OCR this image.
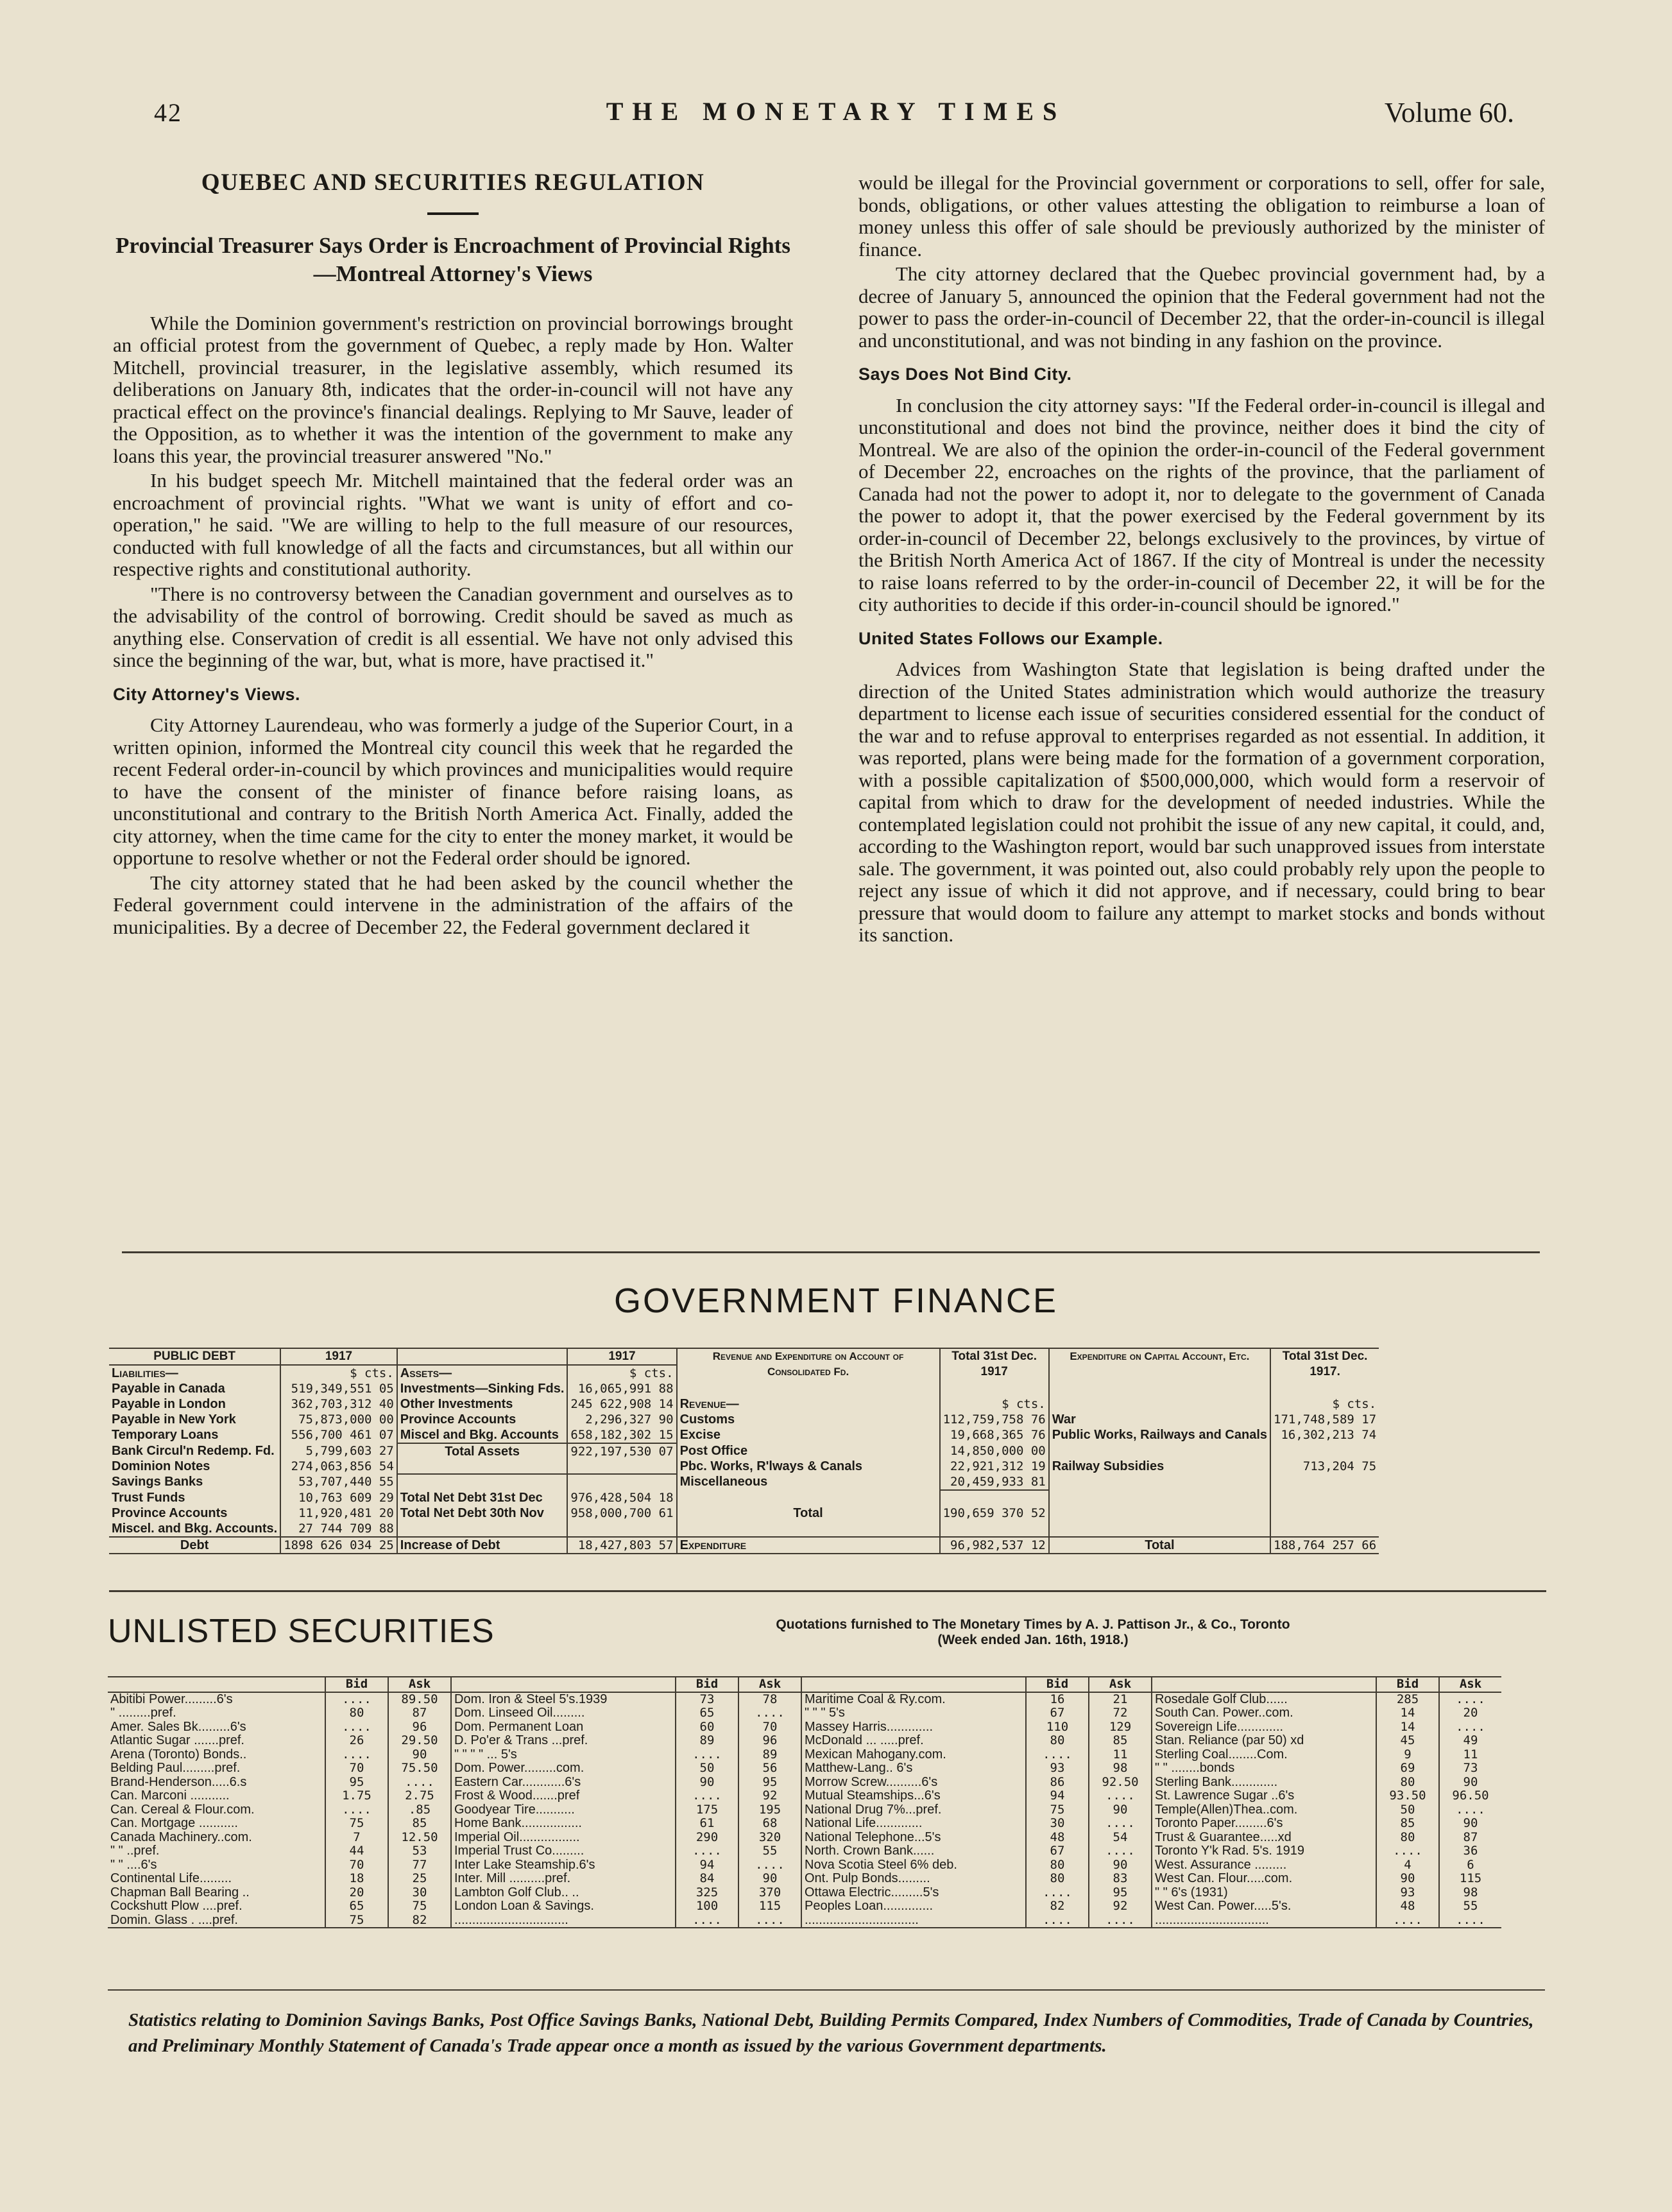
42	THE MONETARY TIMES	Volume 60.
QUEBEC AND SECURITIES REGULATION
Provincial Treasurer Says Order is Encroachment of Provincial Rights—Montreal Attorney's Views

While the Dominion government's restriction on provincial borrowings brought an official protest from the government of Quebec, a reply made by Hon. Walter Mitchell, provincial treasurer, in the legislative assembly, which resumed its deliberations on January 8th, indicates that the order-in-council will not have any practical effect on the province's financial dealings. Replying to Mr Sauve, leader of the Opposition, as to whether it was the intention of the government to make any loans this year, the provincial treasurer answered "No."

In his budget speech Mr. Mitchell maintained that the federal order was an encroachment of provincial rights. "What we want is unity of effort and co-operation," he said. "We are willing to help to the full measure of our resources, conducted with full knowledge of all the facts and circumstances, but all within our respective rights and constitutional authority.

"There is no controversy between the Canadian government and ourselves as to the advisability of the control of borrowing. Credit should be saved as much as anything else. Conservation of credit is all essential. We have not only advised this since the beginning of the war, but, what is more, have practised it."

City Attorney's Views.

City Attorney Laurendeau, who was formerly a judge of the Superior Court, in a written opinion, informed the Montreal city council this week that he regarded the recent Federal order-in-council by which provinces and municipalities would require to have the consent of the minister of finance before raising loans, as unconstitutional and contrary to the British North America Act. Finally, added the city attorney, when the time came for the city to enter the money market, it would be opportune to resolve whether or not the Federal order should be ignored.

The city attorney stated that he had been asked by the council whether the Federal government could intervene in the administration of the affairs of the municipalities. By a decree of December 22, the Federal government declared it

would be illegal for the Provincial government or corporations to sell, offer for sale, bonds, obligations, or other values attesting the obligation to reimburse a loan of money unless this offer of sale should be previously authorized by the minister of finance.

The city attorney declared that the Quebec provincial government had, by a decree of January 5, announced the opinion that the Federal government had not the power to pass the order-in-council of December 22, that the order-in-council is illegal and unconstitutional, and was not binding in any fashion on the province.

Says Does Not Bind City.

In conclusion the city attorney says: "If the Federal order-in-council is illegal and unconstitutional and does not bind the province, neither does it bind the city of Montreal. We are also of the opinion the order-in-council of the Federal government of December 22, encroaches on the rights of the province, that the parliament of Canada had not the power to adopt it, nor to delegate to the government of Canada the power to adopt it, that the power exercised by the Federal government by its order-in-council of December 22, belongs exclusively to the provinces, by virtue of the British North America Act of 1867. If the city of Montreal is under the necessity to raise loans referred to by the order-in-council of December 22, it will be for the city authorities to decide if this order-in-council should be ignored."

United States Follows our Example.

Advices from Washington State that legislation is being drafted under the direction of the United States administration which would authorize the treasury department to license each issue of securities considered essential for the conduct of the war and to refuse approval to enterprises regarded as not essential. In addition, it was reported, plans were being made for the formation of a government corporation, with a possible capitalization of $500,000,000, which would form a reservoir of capital from which to draw for the development of needed industries. While the contemplated legislation could not prohibit the issue of any new capital, it could, and, according to the Washington report, would bar such unapproved issues from interstate sale. The government, it was pointed out, also could probably rely upon the people to reject any issue of which it did not approve, and if necessary, could bring to bear pressure that would doom to failure any attempt to market stocks and bonds without its sanction.

GOVERNMENT FINANCE
PUBLIC DEBT	1917		1917	Revenue and Expenditure on Account of Consolidated Fd.	Total 31st Dec. 1917	Expenditure on Capital Account, Etc.	Total 31st Dec. 1917.
Liabilities—	$ cts.	Assets—	$ cts.				
Payable in Canada	519,349,551 05	Investments—Sinking Fds.	16,065,991 88				
Payable in London	362,703,312 40	Other Investments	245 622,908 14	Revenue—	$ cts.		$ cts.
Payable in New York	75,873,000 00	Province Accounts	2,296,327 90	Customs	112,759,758 76	War	171,748,589 17
Temporary Loans	556,700 461 07	Miscel and Bkg. Accounts	658,182,302 15	Excise	19,668,365 76	Public Works, Railways and Canals	16,302,213 74
Bank Circul'n Redemp. Fd.	5,799,603 27	Total Assets	922,197,530 07	Post Office	14,850,000 00		
Dominion Notes	274,063,856 54			Pbc. Works, R'lways & Canals	22,921,312 19	Railway Subsidies	713,204 75
Savings Banks	53,707,440 55			Miscellaneous	20,459,933 81		
Trust Funds	10,763 609 29	Total Net Debt 31st Dec	976,428,504 18				
Province Accounts	11,920,481 20	Total Net Debt 30th Nov	958,000,700 61	Total	190,659 370 52		
Miscel. and Bkg. Accounts.	27 744 709 88						
Debt	1898 626 034 25	Increase of Debt	18,427,803 57	Expenditure	96,982,537 12	Total	188,764 257 66
UNLISTED SECURITIES	Quotations furnished to The Monetary Times by A. J. Pattison Jr., & Co., Toronto
(Week ended Jan. 16th, 1918.)
	Bid	Ask		Bid	Ask		Bid	Ask		Bid	Ask
Abitibi Power.........6's	....	89.50	Dom. Iron & Steel 5's.1939	73	78	Maritime Coal & Ry.com.	16	21	Rosedale Golf Club......	285	....
" .........pref.	80	87	Dom. Linseed Oil.........	65	....	" " " 5's	67	72	South Can. Power..com.	14	20
Amer. Sales Bk.........6's	....	96	Dom. Permanent Loan	60	70	Massey Harris.............	110	129	Sovereign Life.............	14	....
Atlantic Sugar .......pref.	26	29.50	D. Po'er & Trans ...pref.	89	96	McDonald ... .....pref.	80	85	Stan. Reliance (par 50) xd	45	49
Arena (Toronto) Bonds..	....	90	" " " " ... 5's	....	89	Mexican Mahogany.com.	....	11	Sterling Coal........Com.	9	11
Belding Paul.........pref.	70	75.50	Dom. Power.........com.	50	56	Matthew-Lang.. 6's	93	98	" " ........bonds	69	73
Brand-Henderson.....6.s	95	....	Eastern Car............6's	90	95	Morrow Screw..........6's	86	92.50	Sterling Bank.............	80	90
Can. Marconi ...........	1.75	2.75	Frost & Wood.......pref	....	92	Mutual Steamships...6's	94	....	St. Lawrence Sugar ..6's	93.50	96.50
Can. Cereal & Flour.com.	....	.85	Goodyear Tire...........	175	195	National Drug 7%...pref.	75	90	Temple(Allen)Thea..com.	50	....
Can. Mortgage ...........	75	85	Home Bank.................	61	68	National Life.............	30	....	Toronto Paper.........6's	85	90
Canada Machinery..com.	7	12.50	Imperial Oil.................	290	320	National Telephone...5's	48	54	Trust & Guarantee.....xd	80	87
" " ..pref.	44	53	Imperial Trust Co.........	....	55	North. Crown Bank......	67	....	Toronto Y'k Rad. 5's. 1919	....	36
" " ....6's	70	77	Inter Lake Steamship.6's	94	....	Nova Scotia Steel 6% deb.	80	90	West. Assurance .........	4	6
Continental Life.........	18	25	Inter. Mill ..........pref.	84	90	Ont. Pulp Bonds.........	80	83	West Can. Flour.....com.	90	115
Chapman Ball Bearing ..	20	30	Lambton Golf Club.. ..	325	370	Ottawa Electric.........5's	....	95	" " 6's (1931)	93	98
Cockshutt Plow ....pref.	65	75	London Loan & Savings.	100	115	Peoples Loan..............	82	92	West Can. Power.....5's.	48	55
Domin. Glass . ....pref.	75	82	................................	....	....	................................	....	....	................................	....	....
Statistics relating to Dominion Savings Banks, Post Office Savings Banks, National Debt, Building Permits Compared, Index Numbers of Commodities, Trade of Canada by Countries, and Preliminary Monthly Statement of Canada's Trade appear once a month as issued by the various Government departments.
